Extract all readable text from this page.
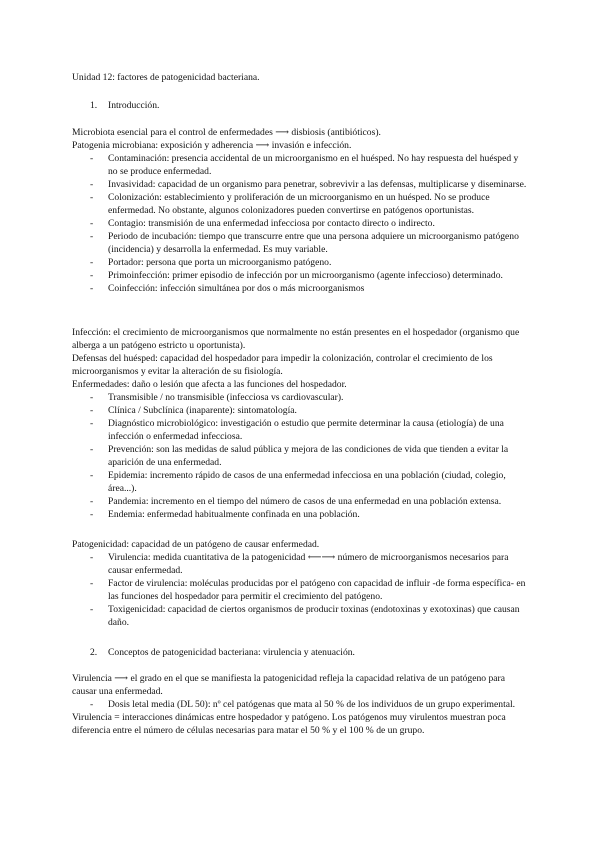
Unidad 12: factores de patogenicidad bacteriana.

1. Introducción.
Microbiota esencial para el control de enfermedades ⟶ disbiosis (antibióticos).
Patogenia microbiana: exposición y adherencia ⟶ invasión e infección.
- Contaminación: presencia accidental de un microorganismo en el huésped. No hay respuesta del huésped y no se produce enfermedad.
- Invasividad: capacidad de un organismo para penetrar, sobrevivir a las defensas, multiplicarse y diseminarse.
- Colonización: establecimiento y proliferación de un microorganismo en un huésped. No se produce enfermedad. No obstante, algunos colonizadores pueden convertirse en patógenos oportunistas.
- Contagio: transmisión de una enfermedad infecciosa por contacto directo o indirecto.
- Periodo de incubación: tiempo que transcurre entre que una persona adquiere un microorganismo patógeno (incidencia) y desarrolla la enfermedad. Es muy variable.
- Portador: persona que porta un microorganismo patógeno.
- Primoinfección: primer episodio de infección por un microorganismo (agente infeccioso) determinado.
- Coinfección: infección simultánea por dos o más microorganismos
Infección: el crecimiento de microorganismos que normalmente no están presentes en el hospedador (organismo que alberga a un patógeno estricto u oportunista).
Defensas del huésped: capacidad del hospedador para impedir la colonización, controlar el crecimiento de los microorganismos y evitar la alteración de su fisiología.
Enfermedades: daño o lesión que afecta a las funciones del hospedador.
- Transmisible / no transmisible (infecciosa vs cardiovascular).
- Clínica / Subclínica (inaparente): sintomatología.
- Diagnóstico microbiológico: investigación o estudio que permite determinar la causa (etiología) de una infección o enfermedad infecciosa.
- Prevención: son las medidas de salud pública y mejora de las condiciones de vida que tienden a evitar la aparición de una enfermedad.
- Epidemia: incremento rápido de casos de una enfermedad infecciosa en una población (ciudad, colegio, área...).
- Pandemia: incremento en el tiempo del número de casos de una enfermedad en una población extensa.
- Endemia: enfermedad habitualmente confinada en una población.
Patogenicidad: capacidad de un patógeno de causar enfermedad.
- Virulencia: medida cuantitativa de la patogenicidad ⟵⟶ número de microorganismos necesarios para causar enfermedad.
- Factor de virulencia: moléculas producidas por el patógeno con capacidad de influir -de forma específica- en las funciones del hospedador para permitir el crecimiento del patógeno.
- Toxigenicidad: capacidad de ciertos organismos de producir toxinas (endotoxinas y exotoxinas) que causan daño.
2. Conceptos de patogenicidad bacteriana: virulencia y atenuación.
Virulencia ⟶ el grado en el que se manifiesta la patogenicidad refleja la capacidad relativa de un patógeno para causar una enfermedad.
- Dosis letal media (DL 50): nº cel patógenas que mata al 50 % de los individuos de un grupo experimental.
Virulencia = interacciones dinámicas entre hospedador y patógeno. Los patógenos muy virulentos muestran poca diferencia entre el número de células necesarias para matar el 50 % y el 100 % de un grupo.
